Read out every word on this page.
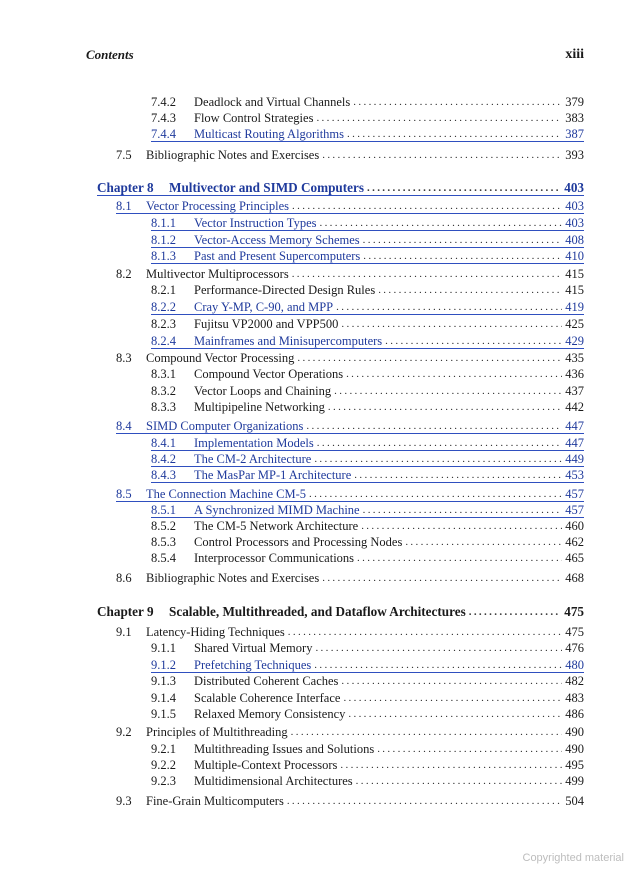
Contents	xiii
7.4.2	Deadlock and Virtual Channels . . .	379
7.4.3	Flow Control Strategies . . .	383
7.4.4	Multicast Routing Algorithms . . .	387
7.5	Bibliographic Notes and Exercises . . .	393
Chapter 8	Multivector and SIMD Computers . . .	403
8.1	Vector Processing Principles . . .	403
8.1.1	Vector Instruction Types . . .	403
8.1.2	Vector-Access Memory Schemes . . .	408
8.1.3	Past and Present Supercomputers . . .	410
8.2	Multivector Multiprocessors . . .	415
8.2.1	Performance-Directed Design Rules . . .	415
8.2.2	Cray Y-MP, C-90, and MPP . . .	419
8.2.3	Fujitsu VP2000 and VPP500 . . .	425
8.2.4	Mainframes and Minisupercomputers . . .	429
8.3	Compound Vector Processing . . .	435
8.3.1	Compound Vector Operations . . .	436
8.3.2	Vector Loops and Chaining . . .	437
8.3.3	Multipipeline Networking . . .	442
8.4	SIMD Computer Organizations . . .	447
8.4.1	Implementation Models . . .	447
8.4.2	The CM-2 Architecture . . .	449
8.4.3	The MasPar MP-1 Architecture . . .	453
8.5	The Connection Machine CM-5 . . .	457
8.5.1	A Synchronized MIMD Machine . . .	457
8.5.2	The CM-5 Network Architecture . . .	460
8.5.3	Control Processors and Processing Nodes . . .	462
8.5.4	Interprocessor Communications . . .	465
8.6	Bibliographic Notes and Exercises . . .	468
Chapter 9	Scalable, Multithreaded, and Dataflow Architectures . . .	475
9.1	Latency-Hiding Techniques . . .	475
9.1.1	Shared Virtual Memory . . .	476
9.1.2	Prefetching Techniques . . .	480
9.1.3	Distributed Coherent Caches . . .	482
9.1.4	Scalable Coherence Interface . . .	483
9.1.5	Relaxed Memory Consistency . . .	486
9.2	Principles of Multithreading . . .	490
9.2.1	Multithreading Issues and Solutions . . .	490
9.2.2	Multiple-Context Processors . . .	495
9.2.3	Multidimensional Architectures . . .	499
9.3	Fine-Grain Multicomputers . . .	504
Copyrighted material
